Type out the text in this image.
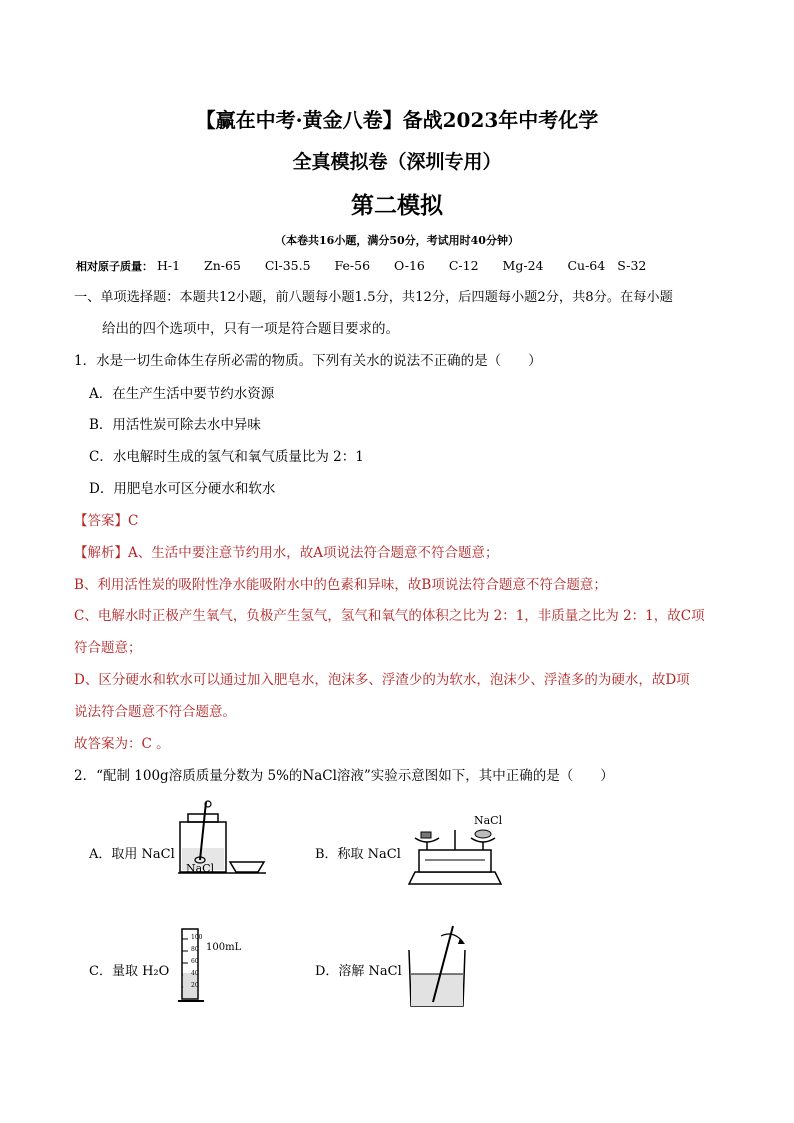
【赢在中考·黄金八卷】备战2023年中考化学
全真模拟卷（深圳专用）
第二模拟
（本卷共16小题，满分50分，考试用时40分钟）
相对原子质量： H-1 Zn-65 Cl-35.5 Fe-56 O-16 C-12 Mg-24 Cu-64 S-32
一、单项选择题：本题共12小题，前八题每小题1.5分，共12分，后四题每小题2分，共8分。在每小题
给出的四个选项中，只有一项是符合题目要求的。
1．水是一切生命体生存所必需的物质。下列有关水的说法不正确的是（　　）
A．在生产生活中要节约水资源
B．用活性炭可除去水中异味
C．水电解时生成的氢气和氧气质量比为 2：1
D．用肥皂水可区分硬水和软水
【答案】C
【解析】A、生活中要注意节约用水，故A项说法符合题意不符合题意；
B、利用活性炭的吸附性净水能吸附水中的色素和异味，故B项说法符合题意不符合题意；
C、电解水时正极产生氧气，负极产生氢气，氢气和氧气的体积之比为 2：1，非质量之比为 2：1，故C项
符合题意；
D、区分硬水和软水可以通过加入肥皂水，泡沫多、浮渣少的为软水，泡沫少、浮渣多的为硬水，故D项
说法符合题意不符合题意。
故答案为：C 。
2．“配制 100g溶质质量分数为 5%的NaCl溶液”实验示意图如下，其中正确的是（　　）
A．取用 NaCl	B．称取 NaCl
C．量取 H₂O	D．溶解 NaCl
NaCl
NaCl
100
80
60
40
20
100mL
